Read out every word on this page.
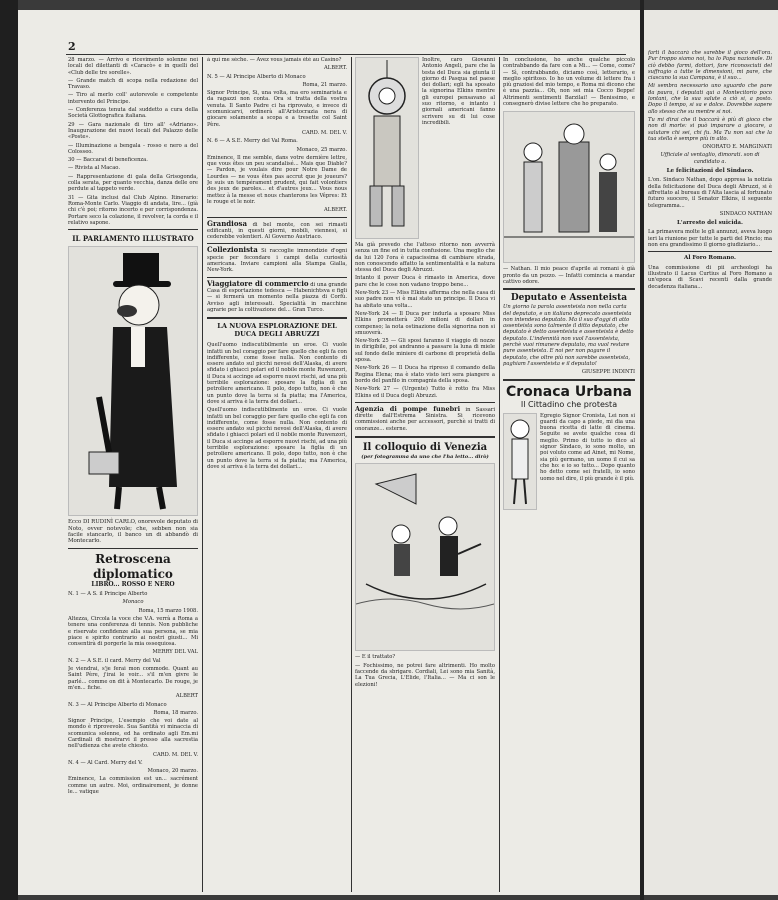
2
28 marzo. — Arrivo e ricevimento solenne nei locali del dilettanti di «Caracò» e in quelli del «Club delle tre sorelle».
— Grande match di scopa nella redazione del Travaso.
— Tiro al merlo coll' autorevole e competente intervento del Principe.
— Conferenza tenuta dal suddetto a cura della Società Glottografica italiana.
29 — Gara nazionale di tiro all' «Adriano». Inaugurazione dei nuovi locali del Palazzo delle «Poste».
— Illuminazione a bengala - rosso e nero a del Colosseo.
30 — Baccarat di beneficenza.
— Rivista al Macao.
— Rappresentazione di gala della Grisogonda, colla serata, per quanto vecchia, danza delle ore perdute al tappeto verde.
31 — Gita inclusi dal Club Alpino. Itinerario: Roma-Monte Carlo. Viaggio di andata, lire... (già chi c'è poi; ritorno incerto e per corrispondenza. Portare seco la colazione, il revolver, la corda e il relativo sapone.
IL PARLAMENTO ILLUSTRATO
Ecco DI RUDINÌ CARLO, onorevole deputato di Noto, ovver notevole; che, sebben non sia facile stancarlo, il banco un di abbandò di Montecarlo.
Retroscena diplomatico
LIBRO... ROSSO E NERO
N. 1 — A S. il Principe Alberto
Monaco
Roma, 15 marzo 1908.
Altezza, Circola la voce che V.A. verrà a Roma a tenere una conferenza di tennis. Non pubbliche e riservate confidenze alla sua persona, se mia piace e spirito contrario ai nostri giusti... Mi consentirà di porgerle la mia ossequiosa.
MERRY DEL VAL
N. 2 — A S.E. il card. Merry del Val
Je viendrai, s'je ferai mon commode. Quant au Saint Père, j'irai le voir... s'il m'en givre le parlé... comme on dit à Montecarlo. De rouge, je m'en... fiche.
ALBERT
N. 3 — Al Principe Alberto di Monaco
Roma, 18 marzo.
Signor Principe, L'esempio che voi date al mondo è riprovevole. Sua Santità vi minaccia di scomunica solenne, ed ha ordinato agli Em.mi Cardinali di mostrarvi il presso alla sacrestia nell'udienza che avete chiesto.
CARD. M. DEL V.
N. 4 — Al Card. Merry del V.
Monaco, 20 marzo.
Eminence, La commission est un... sacrément comme un autre. Moi, ordinairement, je donne le... vatique
à qui me sèche. — Avez vous jamais été au Casino?
ALBERT.
N. 5 — Al Principe Alberto di Monaco
Roma, 21 marzo.
Signor Principe, Si, una volta, ma ero seminarista e da ragazzi non conta. Ora si tratta della vostra venuta. Il Santo Padre ci ha riprovato, e invece di scomunicarvi, ordinerà all'Aristocrazia nera di giocare solamente a scopa e a tresette col Saint Père.
CARD. M. DEL V.
N. 6 — A S.E. Merry del Val Roma.
Monaco, 25 marzo.
Eminence, Il me semble, dans votre dernière lettre, que vous êtes un peu scandalisé... Mais que Diable? — Pardon, je voulais dire pour Notre Dame de Lourdes — ne vous êtes pas accrut que je joueurs? Je suis un tempérament prudent, qui fait volontiers des jeux de paroles... et d'autres jeux... Vous nous mettez à la messe et nous chanterons les Vêpres: Et le rouge et le noir.
ALBERT.
Grandiosa di bel monte, con sei rimasti edificanti, in questi giorni, mobili, viennesi, si cederebbe volentieri. Al Governo Austriaco.
Collezionista Si raccoglie immondizie d'ogni specie per fecondare i campi della curiosità americana. Inviare campioni alla Stampa Gialla, New-York.
Viaggiatore di commercio di una grande Casa di esportazione tedesca — Habenichtsva e figli — si fermerà un momento nella piazza di Corfù. Avviso agli interessati. Specialità in macchine agrarie per la coltivazione del... Gran Turco.
LA NUOVA ESPLORAZIONE DEL DUCA DEGLI ABRUZZI
Quell'uomo indiscutibilmente un eroe. Ci vuole infatti un bel coraggio per fare quello che egli fa con indifferente, come fosse nulla. Non contento di essere andato sul picchi nevosi dell'Alaska, di avere sfidato i ghiacci polari ed il nobile monte Ruwenzori, il Duca si accinge ad esporre nuovi rischi, ad una più terribile esplorazione: sposare la figlia di un petroliere americano. Il polo, dopo tutto, non è che un punto dove la terra si fa piatta; ma l'America, dove si arriva è la terra dei dollari...
Quell'uomo indiscutibilmente un eroe. Ci vuole infatti un bel coraggio per fare quello che egli fa con indifferente, come fosse nulla. Non contento di essere andato sul picchi nevosi dell'Alaska, di avere sfidato i ghiacci polari ed il nobile monte Ruwenzori, il Duca si accinge ad esporre nuovi rischi, ad una più terribile esplorazione: sposare la figlia di un petroliere americano. Il polo, dopo tutto, non è che un punto dove la terra si fa piatta; ma l'America, dove si arriva è la terra dei dollari...
Inoltre, caro Giovanni Antonio Angeli, pare che la testa del Duca sia giunta il giorno di Pasqua nel paese dei dollari; egli ha sposato la signorina Elkins mentre gli europei pensavano al suo ritorno, e intanto i giornali americani fanno scrivere su di lui cose incredibili.
Ma già prevedo che l'atteso ritorno non avverrà senza un fine ed in tutta confusione. Una meglio che da lui 120 l'ora è capacissima di cambiare strada, non conoscendo affatto la sentimentalità e la natura stessa del Duca degli Abruzzi.
Intanto il pover Duca è rimasto in America, dove pare che le cose non vadano troppo bene...
New-York 23 — Miss Elkins afferma che nella casa di suo padre non vi è mai stato un principe. Il Duca vi ha abitato una volta...
New-York 24 — Il Duca per indurla a sposare Miss Elkins prometterà 200 milioni di dollari in compenso; la nota ostinazione della signorina non si smuoverà.
New-York 25 — Gli sposi faranno il viaggio di nozze in dirigibile, poi andranno a passare la luna di miele sul fondo delle miniere di carbone di proprietà della sposa.
New-York 26 — Il Duca ha ripreso il comando della Regina Elena; ma è stato visto ieri sera piangere a bordo del panfilo in compagnia della sposa.
New-York 27 — (Urgente) Tutto è rotto fra Miss Elkins ed il Duca degli Abruzzi.
Agenzia di pompe funebri in Sassari dirette dall'Estrema Sinistra. Si ricevono commissioni anche per accessori, purchè si tratti di onoranze... esterne.
Il colloquio di Venezia
(per fotogramma da uno che l'ha letto... dirò)
— E il trattato?
— Fochissimo, ne potrei fare altrimenti. Ho molto faccende da sbrigare. Cordiali, Lei sono mia Sanità, La Tua Grecia, L'Elide, l'Italia... — Ma ci son le elezioni!
In conclusione, ho anche qualche piccolo contrabbando da fare con a Mi... — Come, come? — Sì, contrabbando, diciamo così, letterario, e meglio spiritoso. Io ho un volume di lettere fra i più graziosi del mio tempo, e Roma mi dicono che è una pazzia... Oh, non sei mia Cocco Beppe! Altrimenti sentimenti Barzilai! — Benissimo, e consegnerò divise lettere che ho preparato.
— Nathan. Il mio peace d'aprile ai romani è già pronto da un pezzo. — Infatti comincia a mandar cattivo odore.
Deputato e Assenteista
Un giorno la parola assenteista non nella carta del deputato, e un italiano deprecato assenteista non intendeva deputato. Ma il suo d'oggi di atto assenteista sono talmente il ditto deputato, che deputato è detto assenteista e assenteista è detto deputato. L'indennità non vuol l'assenteista, perchè vuoi rimanere deputato, ma vuol restare pure assenteista. E noi per non pagare il deputato, che oltre più non sarebbe assenteista, paghiam l'assenteista e il deputato!
GIUSEPPE INDINTI
Cronaca Urbana
Il Cittadino che protesta
Egregio Signor Cronista, Lei non si guardi da capo a piede, mi dia una buona ricetta di latte di cinema. Seguite se avete qualche cosa di meglio. Primo di tutto io dico al signor Sindaco, io sono molto, un poi voluto come ad Ainet, mi Nome, sia più germano, un uomo il cui sa che ho: e io so tutto... Dopo quanto ho detto come sei fratelli, io sono uomo nel dire, il più grande è il più.
farti il baccarà che sarebbe il gioco dell'ora. Pur troppo siamo noi, ha lo Papa nazionale. Di ciò debbo farmi, dottori, fare riconosciuti del suffragio a tutte le dimensioni, mi pare, che ciascuno la sua Campana, è il suo...
Mi sembra necessario uno sguardo che pare da paura, i deputati qui a Montecitorio poco lontani, che la sua salute a ciò si, a posto. Dopo il tempo, si sa e dolce. Dovrebbe sapere allo stesso che su mentre si noi.
Tu mi dirai che il baccarà è più di gioco che non di morte: si può imparare a giocare, a salutare chi sei, chi fu. Ma Tu non sai che la tua stella è sempre più in alto.
ONORATO E. MARGINATI
Ufficiale al ventaglio, dimorati. son di candidato a.
Le felicitazioni del Sindaco.
L'on. Sindaco Nathan, dopo appresa la notizia della felicitazione del Duca degli Abruzzi, si è affrettato al bureau di l'Alta lascia al fortunato futuro suocero, il Senator Elkins, il seguente telegramma...
SINDACO NATHAN
L'arresto del suicida.
La primavera molte le gli annunzi, aveva luogo ieri la riunione per tutte le parti del Pincio; ma non era grandissimo il giorno giudiziario...
Al Foro Romano.
Una commissione di pii archeologi ha illustrato il Lacus Curtius al Foro Romano a un'epoca di Scavi recenti dalla grande decadenza italiana...
